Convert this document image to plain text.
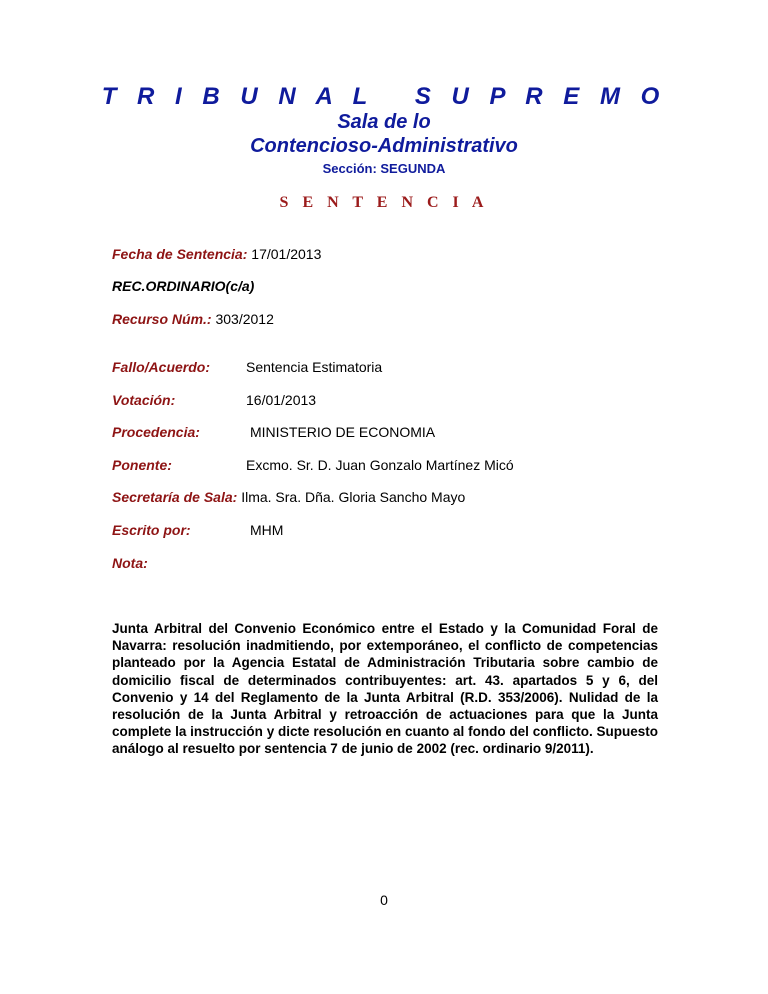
T R I B U N A L   S U P R E M O
Sala de lo
Contencioso-Administrativo
Sección: SEGUNDA
S E N T E N C I A
Fecha de Sentencia: 17/01/2013
REC.ORDINARIO(c/a)
Recurso Núm.: 303/2012
Fallo/Acuerdo:	Sentencia Estimatoria
Votación:	16/01/2013
Procedencia:	MINISTERIO DE ECONOMIA
Ponente:	Excmo. Sr. D. Juan Gonzalo Martínez Micó
Secretaría de Sala: Ilma. Sra. Dña. Gloria Sancho Mayo
Escrito por:	MHM
Nota:
Junta Arbitral del Convenio Económico entre el Estado y la Comunidad Foral de Navarra: resolución inadmitiendo, por extemporáneo, el conflicto de competencias planteado por la Agencia Estatal de Administración Tributaria sobre cambio de domicilio fiscal de determinados contribuyentes: art. 43. apartados 5 y 6, del Convenio y 14 del Reglamento de la Junta Arbitral (R.D. 353/2006). Nulidad de la resolución de la Junta Arbitral y retroacción de actuaciones para que la Junta complete la instrucción y dicte resolución en cuanto al fondo del conflicto. Supuesto análogo al resuelto por sentencia 7 de junio de 2002 (rec. ordinario 9/2011).
0
